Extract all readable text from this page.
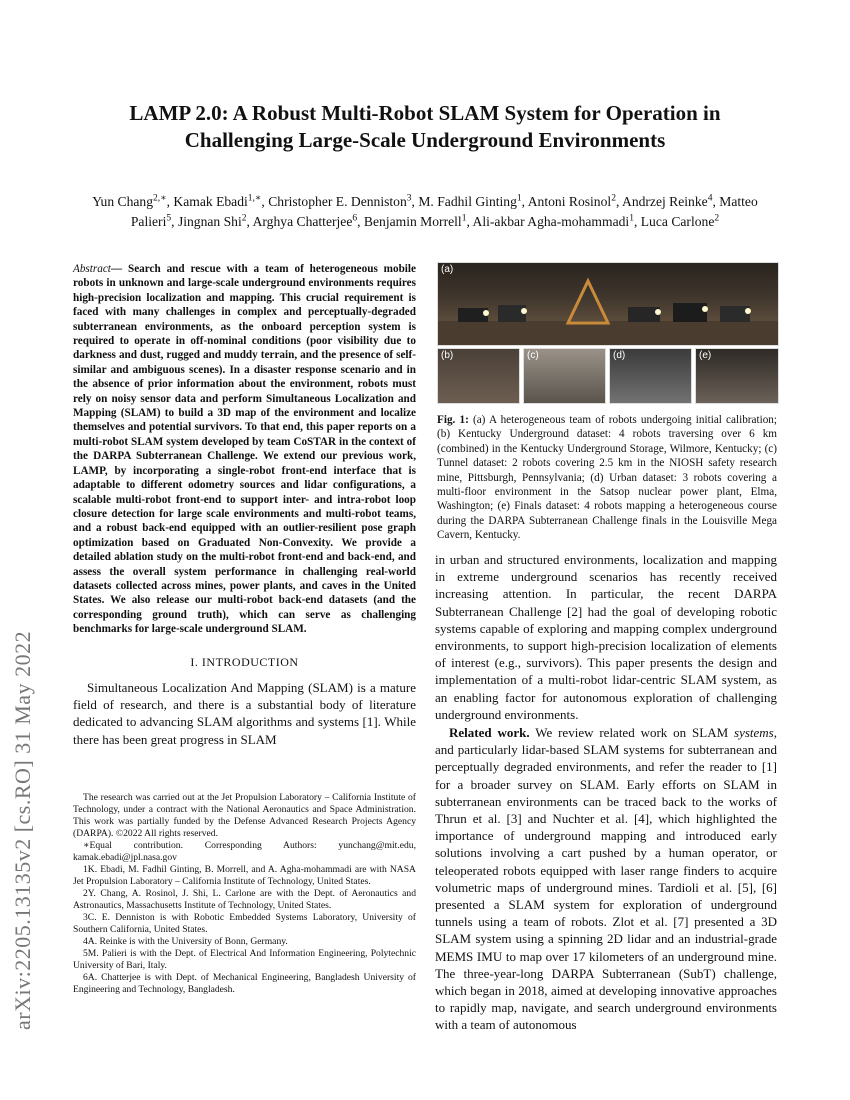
arXiv:2205.13135v2 [cs.RO] 31 May 2022
LAMP 2.0: A Robust Multi-Robot SLAM System for Operation in
Challenging Large-Scale Underground Environments
Yun Chang$^{2,∗}$, Kamak Ebadi$^{1,∗}$, Christopher E. Denniston$^3$, M. Fadhil Ginting$^1$, Antoni Rosinol$^2$, Andrzej Reinke$^4$, Matteo Palieri$^5$, Jingnan Shi$^2$, Arghya Chatterjee$^6$, Benjamin Morrell$^1$, Ali-akbar Agha-mohammadi$^1$, Luca Carlone$^2$
Abstract— Search and rescue with a team of heterogeneous mobile robots in unknown and large-scale underground environments requires high-precision localization and mapping. This crucial requirement is faced with many challenges in complex and perceptually-degraded subterranean environments, as the onboard perception system is required to operate in off-nominal conditions (poor visibility due to darkness and dust, rugged and muddy terrain, and the presence of self-similar and ambiguous scenes). In a disaster response scenario and in the absence of prior information about the environment, robots must rely on noisy sensor data and perform Simultaneous Localization and Mapping (SLAM) to build a 3D map of the environment and localize themselves and potential survivors. To that end, this paper reports on a multi-robot SLAM system developed by team CoSTAR in the context of the DARPA Subterranean Challenge. We extend our previous work, LAMP, by incorporating a single-robot front-end interface that is adaptable to different odometry sources and lidar configurations, a scalable multi-robot front-end to support inter- and intra-robot loop closure detection for large scale environments and multi-robot teams, and a robust back-end equipped with an outlier-resilient pose graph optimization based on Graduated Non-Convexity. We provide a detailed ablation study on the multi-robot front-end and back-end, and assess the overall system performance in challenging real-world datasets collected across mines, power plants, and caves in the United States. We also release our multi-robot back-end datasets (and the corresponding ground truth), which can serve as challenging benchmarks for large-scale underground SLAM.
I. INTRODUCTION

Simultaneous Localization And Mapping (SLAM) is a mature field of research, and there is a substantial body of literature dedicated to advancing SLAM algorithms and systems [1]. While there has been great progress in SLAM

The research was carried out at the Jet Propulsion Laboratory – California Institute of Technology, under a contract with the National Aeronautics and Space Administration. This work was partially funded by the Defense Advanced Research Projects Agency (DARPA). ©2022 All rights reserved.

∗Equal contribution. Corresponding Authors: yunchang@mit.edu, kamak.ebadi@jpl.nasa.gov

1K. Ebadi, M. Fadhil Ginting, B. Morrell, and A. Agha-mohammadi are with NASA Jet Propulsion Laboratory – California Institute of Technology, United States.

2Y. Chang, A. Rosinol, J. Shi, L. Carlone are with the Dept. of Aeronautics and Astronautics, Massachusetts Institute of Technology, United States.

3C. E. Denniston is with Robotic Embedded Systems Laboratory, University of Southern California, United States.

4A. Reinke is with the University of Bonn, Germany.

5M. Palieri is with the Dept. of Electrical And Information Engineering, Polytechnic University of Bari, Italy.

6A. Chatterjee is with Dept. of Mechanical Engineering, Bangladesh University of Engineering and Technology, Bangladesh.

(a)
(b)	(c)	(d)	(e)
Fig. 1: (a) A heterogeneous team of robots undergoing initial calibration; (b) Kentucky Underground dataset: 4 robots traversing over 6 km (combined) in the Kentucky Underground Storage, Wilmore, Kentucky; (c) Tunnel dataset: 2 robots covering 2.5 km in the NIOSH safety research mine, Pittsburgh, Pennsylvania; (d) Urban dataset: 3 robots covering a multi-floor environment in the Satsop nuclear power plant, Elma, Washington; (e) Finals dataset: 4 robots mapping a heterogeneous course during the DARPA Subterranean Challenge finals in the Louisville Mega Cavern, Kentucky.

in urban and structured environments, localization and mapping in extreme underground scenarios has recently received increasing attention. In particular, the recent DARPA Subterranean Challenge [2] had the goal of developing robotic systems capable of exploring and mapping complex underground environments, to support high-precision localization of elements of interest (e.g., survivors). This paper presents the design and implementation of a multi-robot lidar-centric SLAM system, as an enabling factor for autonomous exploration of challenging underground environments.

Related work. We review related work on SLAM systems, and particularly lidar-based SLAM systems for subterranean and perceptually degraded environments, and refer the reader to [1] for a broader survey on SLAM. Early efforts on SLAM in subterranean environments can be traced back to the works of Thrun et al. [3] and Nuchter et al. [4], which highlighted the importance of underground mapping and introduced early solutions involving a cart pushed by a human operator, or teleoperated robots equipped with laser range finders to acquire volumetric maps of underground mines. Tardioli et al. [5], [6] presented a SLAM system for exploration of underground tunnels using a team of robots. Zlot et al. [7] presented a 3D SLAM system using a spinning 2D lidar and an industrial-grade MEMS IMU to map over 17 kilometers of an underground mine. The three-year-long DARPA Subterranean (SubT) challenge, which began in 2018, aimed at developing innovative approaches to rapidly map, navigate, and search underground environments with a team of autonomous
